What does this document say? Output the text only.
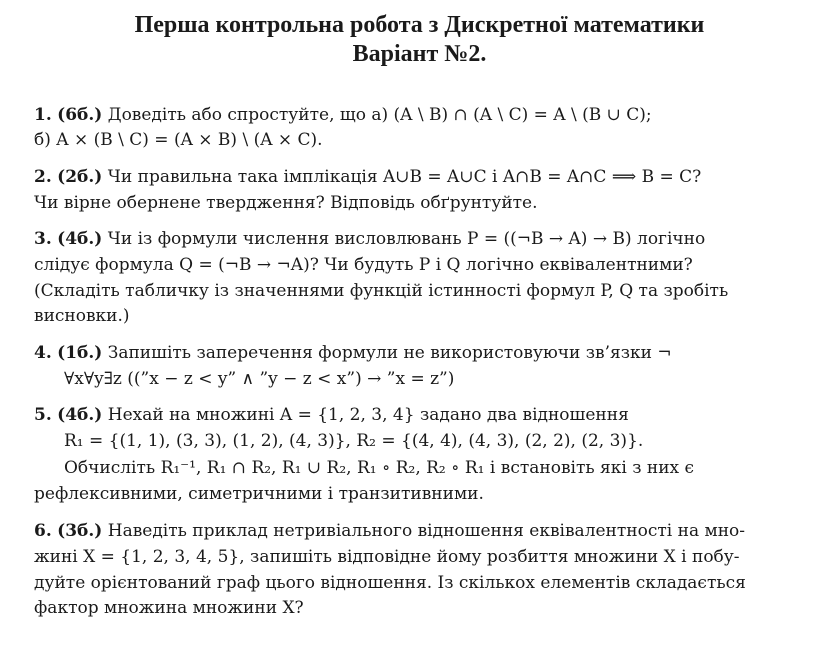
Перша контрольна робота з Дискретної математики
Варіант №2.
1. (6б.) Доведіть або спростуйте, що а) (A \ B) ∩ (A \ C) = A \ (B ∪ C);
б) A × (B \ C) = (A × B) \ (A × C).
2. (2б.) Чи правильна така імплікація A∪B = A∪C і A∩B = A∩C ⟹ B = C?
Чи вірне обернене твердження? Відповідь обґрунтуйте.
3. (4б.) Чи із формули числення висловлювань P = ((¬B → A) → B) логічно
слідує формула Q = (¬B → ¬A)? Чи будуть P і Q логічно еквівалентними?
(Складіть табличку із значеннями функцій істинності формул P, Q та зробіть
висновки.)
4. (1б.) Запишіть заперечення формули не використовуючи зв’язки ¬
∀x∀y∃z ((”x − z < y” ∧ ”y − z < x”) → ”x = z”)
5. (4б.) Нехай на множині A = {1, 2, 3, 4} задано два відношення
R₁ = {(1, 1), (3, 3), (1, 2), (4, 3)}, R₂ = {(4, 4), (4, 3), (2, 2), (2, 3)}.
Обчисліть R₁⁻¹, R₁ ∩ R₂, R₁ ∪ R₂, R₁ ∘ R₂, R₂ ∘ R₁ і встановіть які з них є
рефлексивними, симетричними і транзитивними.
6. (3б.) Наведіть приклад нетривіального відношення еквівалентності на мно-
жині X = {1, 2, 3, 4, 5}, запишіть відповідне йому розбиття множини X і побу-
дуйте орієнтований граф цього відношення. Із скількох елементів складається
фактор множина множини X?
